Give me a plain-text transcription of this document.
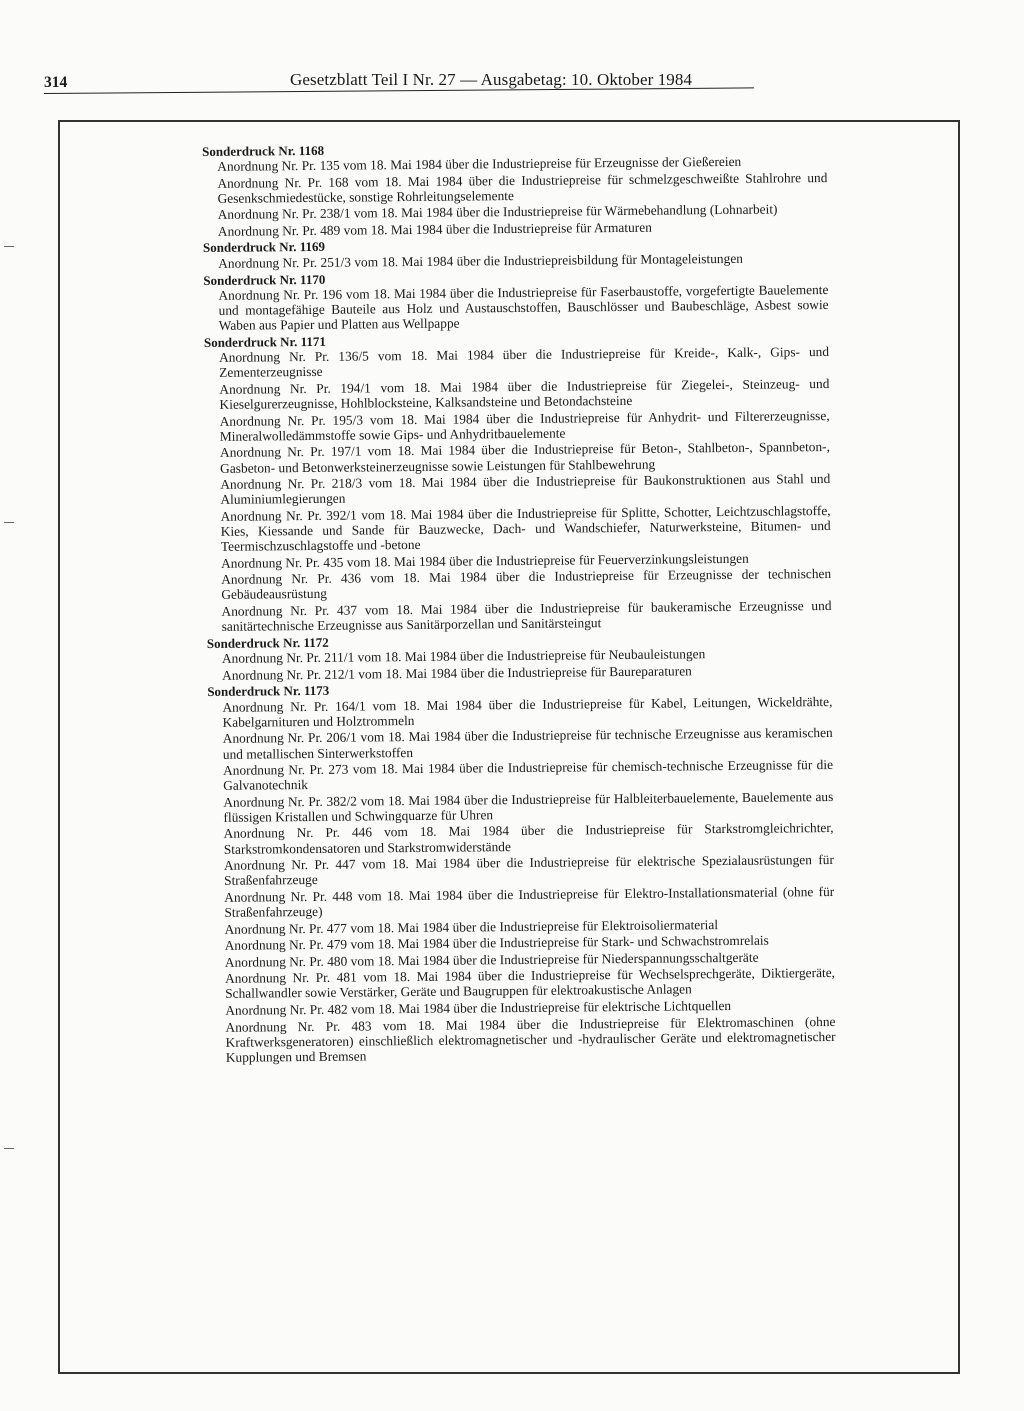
314	Gesetzblatt Teil I Nr. 27 — Ausgabetag: 10. Oktober 1984
Sonderdruck Nr. 1168
Anordnung Nr. Pr. 135 vom 18. Mai 1984 über die Industriepreise für Erzeugnisse der Gießereien
Anordnung Nr. Pr. 168 vom 18. Mai 1984 über die Industriepreise für schmelzgeschweißte Stahlrohre und Gesenkschmiedestücke, sonstige Rohrleitungselemente
Anordnung Nr. Pr. 238/1 vom 18. Mai 1984 über die Industriepreise für Wärmebehandlung (Lohnarbeit)
Anordnung Nr. Pr. 489 vom 18. Mai 1984 über die Industriepreise für Armaturen
Sonderdruck Nr. 1169
Anordnung Nr. Pr. 251/3 vom 18. Mai 1984 über die Industriepreisbildung für Montageleistungen
Sonderdruck Nr. 1170
Anordnung Nr. Pr. 196 vom 18. Mai 1984 über die Industriepreise für Faserbaustoffe, vorgefertigte Bauelemente und montagefähige Bauteile aus Holz und Austauschstoffen, Bauschlösser und Baubeschläge, Asbest sowie Waben aus Papier und Platten aus Wellpappe
Sonderdruck Nr. 1171
Anordnung Nr. Pr. 136/5 vom 18. Mai 1984 über die Industriepreise für Kreide-, Kalk-, Gips- und Zementerzeugnisse
Anordnung Nr. Pr. 194/1 vom 18. Mai 1984 über die Industriepreise für Ziegelei-, Steinzeug- und Kieselgurerzeugnisse, Hohlblocksteine, Kalksandsteine und Betondachsteine
Anordnung Nr. Pr. 195/3 vom 18. Mai 1984 über die Industriepreise für Anhydrit- und Filtererzeugnisse, Mineralwolledämmstoffe sowie Gips- und Anhydritbauelemente
Anordnung Nr. Pr. 197/1 vom 18. Mai 1984 über die Industriepreise für Beton-, Stahlbeton-, Spannbeton-, Gasbeton- und Betonwerksteinerzeugnisse sowie Leistungen für Stahlbewehrung
Anordnung Nr. Pr. 218/3 vom 18. Mai 1984 über die Industriepreise für Baukonstruktionen aus Stahl und Aluminiumlegierungen
Anordnung Nr. Pr. 392/1 vom 18. Mai 1984 über die Industriepreise für Splitte, Schotter, Leichtzuschlagstoffe, Kies, Kiessande und Sande für Bauzwecke, Dach- und Wandschiefer, Naturwerksteine, Bitumen- und Teermischzuschlagstoffe und -betone
Anordnung Nr. Pr. 435 vom 18. Mai 1984 über die Industriepreise für Feuerverzinkungsleistungen
Anordnung Nr. Pr. 436 vom 18. Mai 1984 über die Industriepreise für Erzeugnisse der technischen Gebäudeausrüstung
Anordnung Nr. Pr. 437 vom 18. Mai 1984 über die Industriepreise für baukeramische Erzeugnisse und sanitärtechnische Erzeugnisse aus Sanitärporzellan und Sanitärsteingut
Sonderdruck Nr. 1172
Anordnung Nr. Pr. 211/1 vom 18. Mai 1984 über die Industriepreise für Neubauleistungen
Anordnung Nr. Pr. 212/1 vom 18. Mai 1984 über die Industriepreise für Baureparaturen
Sonderdruck Nr. 1173
Anordnung Nr. Pr. 164/1 vom 18. Mai 1984 über die Industriepreise für Kabel, Leitungen, Wickeldrähte, Kabelgarnituren und Holztrommeln
Anordnung Nr. Pr. 206/1 vom 18. Mai 1984 über die Industriepreise für technische Erzeugnisse aus keramischen und metallischen Sinterwerkstoffen
Anordnung Nr. Pr. 273 vom 18. Mai 1984 über die Industriepreise für chemisch-technische Erzeugnisse für die Galvanotechnik
Anordnung Nr. Pr. 382/2 vom 18. Mai 1984 über die Industriepreise für Halbleiterbauelemente, Bauelemente aus flüssigen Kristallen und Schwingquarze für Uhren
Anordnung Nr. Pr. 446 vom 18. Mai 1984 über die Industriepreise für Starkstromgleichrichter, Starkstromkondensatoren und Starkstromwiderstände
Anordnung Nr. Pr. 447 vom 18. Mai 1984 über die Industriepreise für elektrische Spezialausrüstungen für Straßenfahrzeuge
Anordnung Nr. Pr. 448 vom 18. Mai 1984 über die Industriepreise für Elektro-Installationsmaterial (ohne für Straßenfahrzeuge)
Anordnung Nr. Pr. 477 vom 18. Mai 1984 über die Industriepreise für Elektroisoliermaterial
Anordnung Nr. Pr. 479 vom 18. Mai 1984 über die Industriepreise für Stark- und Schwachstromrelais
Anordnung Nr. Pr. 480 vom 18. Mai 1984 über die Industriepreise für Niederspannungsschaltgeräte
Anordnung Nr. Pr. 481 vom 18. Mai 1984 über die Industriepreise für Wechselsprechgeräte, Diktiergeräte, Schallwandler sowie Verstärker, Geräte und Baugruppen für elektroakustische Anlagen
Anordnung Nr. Pr. 482 vom 18. Mai 1984 über die Industriepreise für elektrische Lichtquellen
Anordnung Nr. Pr. 483 vom 18. Mai 1984 über die Industriepreise für Elektromaschinen (ohne Kraftwerksgeneratoren) einschließlich elektromagnetischer und -hydraulischer Geräte und elektromagnetischer Kupplungen und Bremsen
